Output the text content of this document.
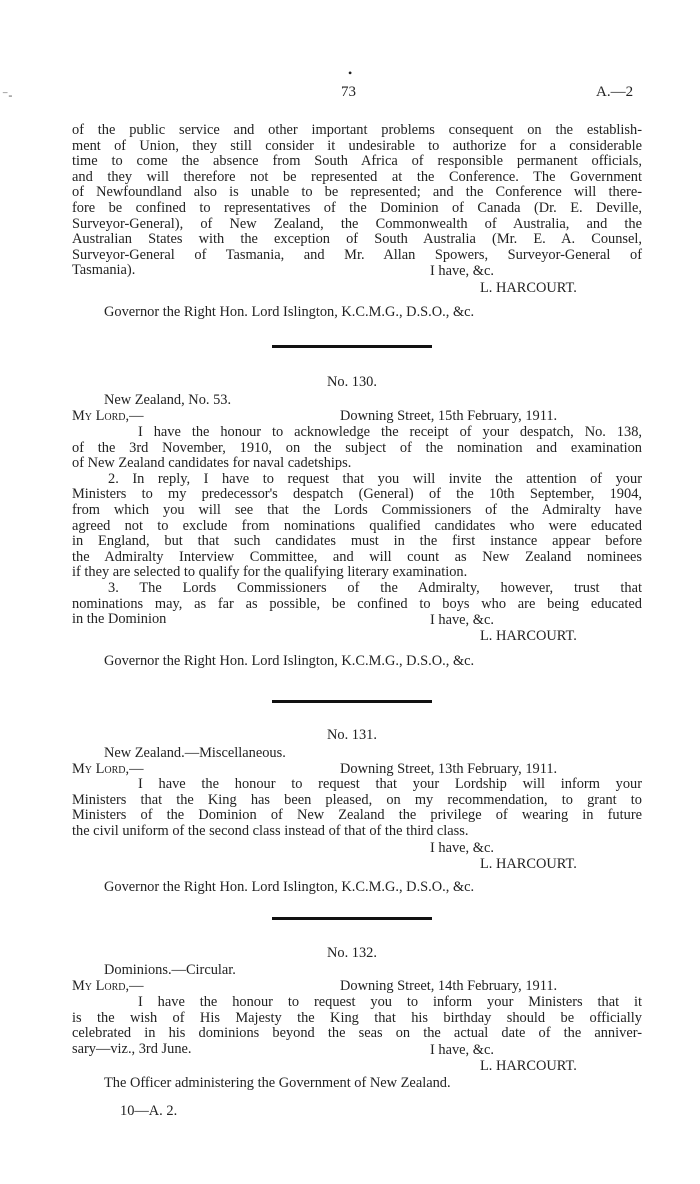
⁻‐
•
73	A.—2
of the public service and other important problems consequent on the establish-
ment of Union, they still consider it undesirable to authorize for a considerable
time to come the absence from South Africa of responsible permanent officials,
and they will therefore not be represented at the Conference. The Government
of Newfoundland also is unable to be represented; and the Conference will there-
fore be confined to representatives of the Dominion of Canada (Dr. E. Deville,
Surveyor-General), of New Zealand, the Commonwealth of Australia, and the
Australian States with the exception of South Australia (Mr. E. A. Counsel,
Surveyor-General of Tasmania, and Mr. Allan Spowers, Surveyor-General of
Tasmania).	I have, &c.
L. HARCOURT.
Governor the Right Hon. Lord Islington, K.C.M.G., D.S.O., &c.
No. 130.
New Zealand, No. 53.
My Lord,—	Downing Street, 15th February, 1911.
I have the honour to acknowledge the receipt of your despatch, No. 138,
of the 3rd November, 1910, on the subject of the nomination and examination
of New Zealand candidates for naval cadetships.
2. In reply, I have to request that you will invite the attention of your
Ministers to my predecessor's despatch (General) of the 10th September, 1904,
from which you will see that the Lords Commissioners of the Admiralty have
agreed not to exclude from nominations qualified candidates who were educated
in England, but that such candidates must in the first instance appear before
the Admiralty Interview Committee, and will count as New Zealand nominees
if they are selected to qualify for the qualifying literary examination.
3. The Lords Commissioners of the Admiralty, however, trust that
nominations may, as far as possible, be confined to boys who are being educated
in the Dominion	I have, &c.
L. HARCOURT.
Governor the Right Hon. Lord Islington, K.C.M.G., D.S.O., &c.
No. 131.
New Zealand.—Miscellaneous.
My Lord,—	Downing Street, 13th February, 1911.
I have the honour to request that your Lordship will inform your
Ministers that the King has been pleased, on my recommendation, to grant to
Ministers of the Dominion of New Zealand the privilege of wearing in future
the civil uniform of the second class instead of that of the third class.
I have, &c.
L. HARCOURT.
Governor the Right Hon. Lord Islington, K.C.M.G., D.S.O., &c.
No. 132.
Dominions.—Circular.
My Lord,—	Downing Street, 14th February, 1911.
I have the honour to request you to inform your Ministers that it
is the wish of His Majesty the King that his birthday should be officially
celebrated in his dominions beyond the seas on the actual date of the anniver-
sary—viz., 3rd June.	I have, &c.
L. HARCOURT.
The Officer administering the Government of New Zealand.
10—A. 2.
